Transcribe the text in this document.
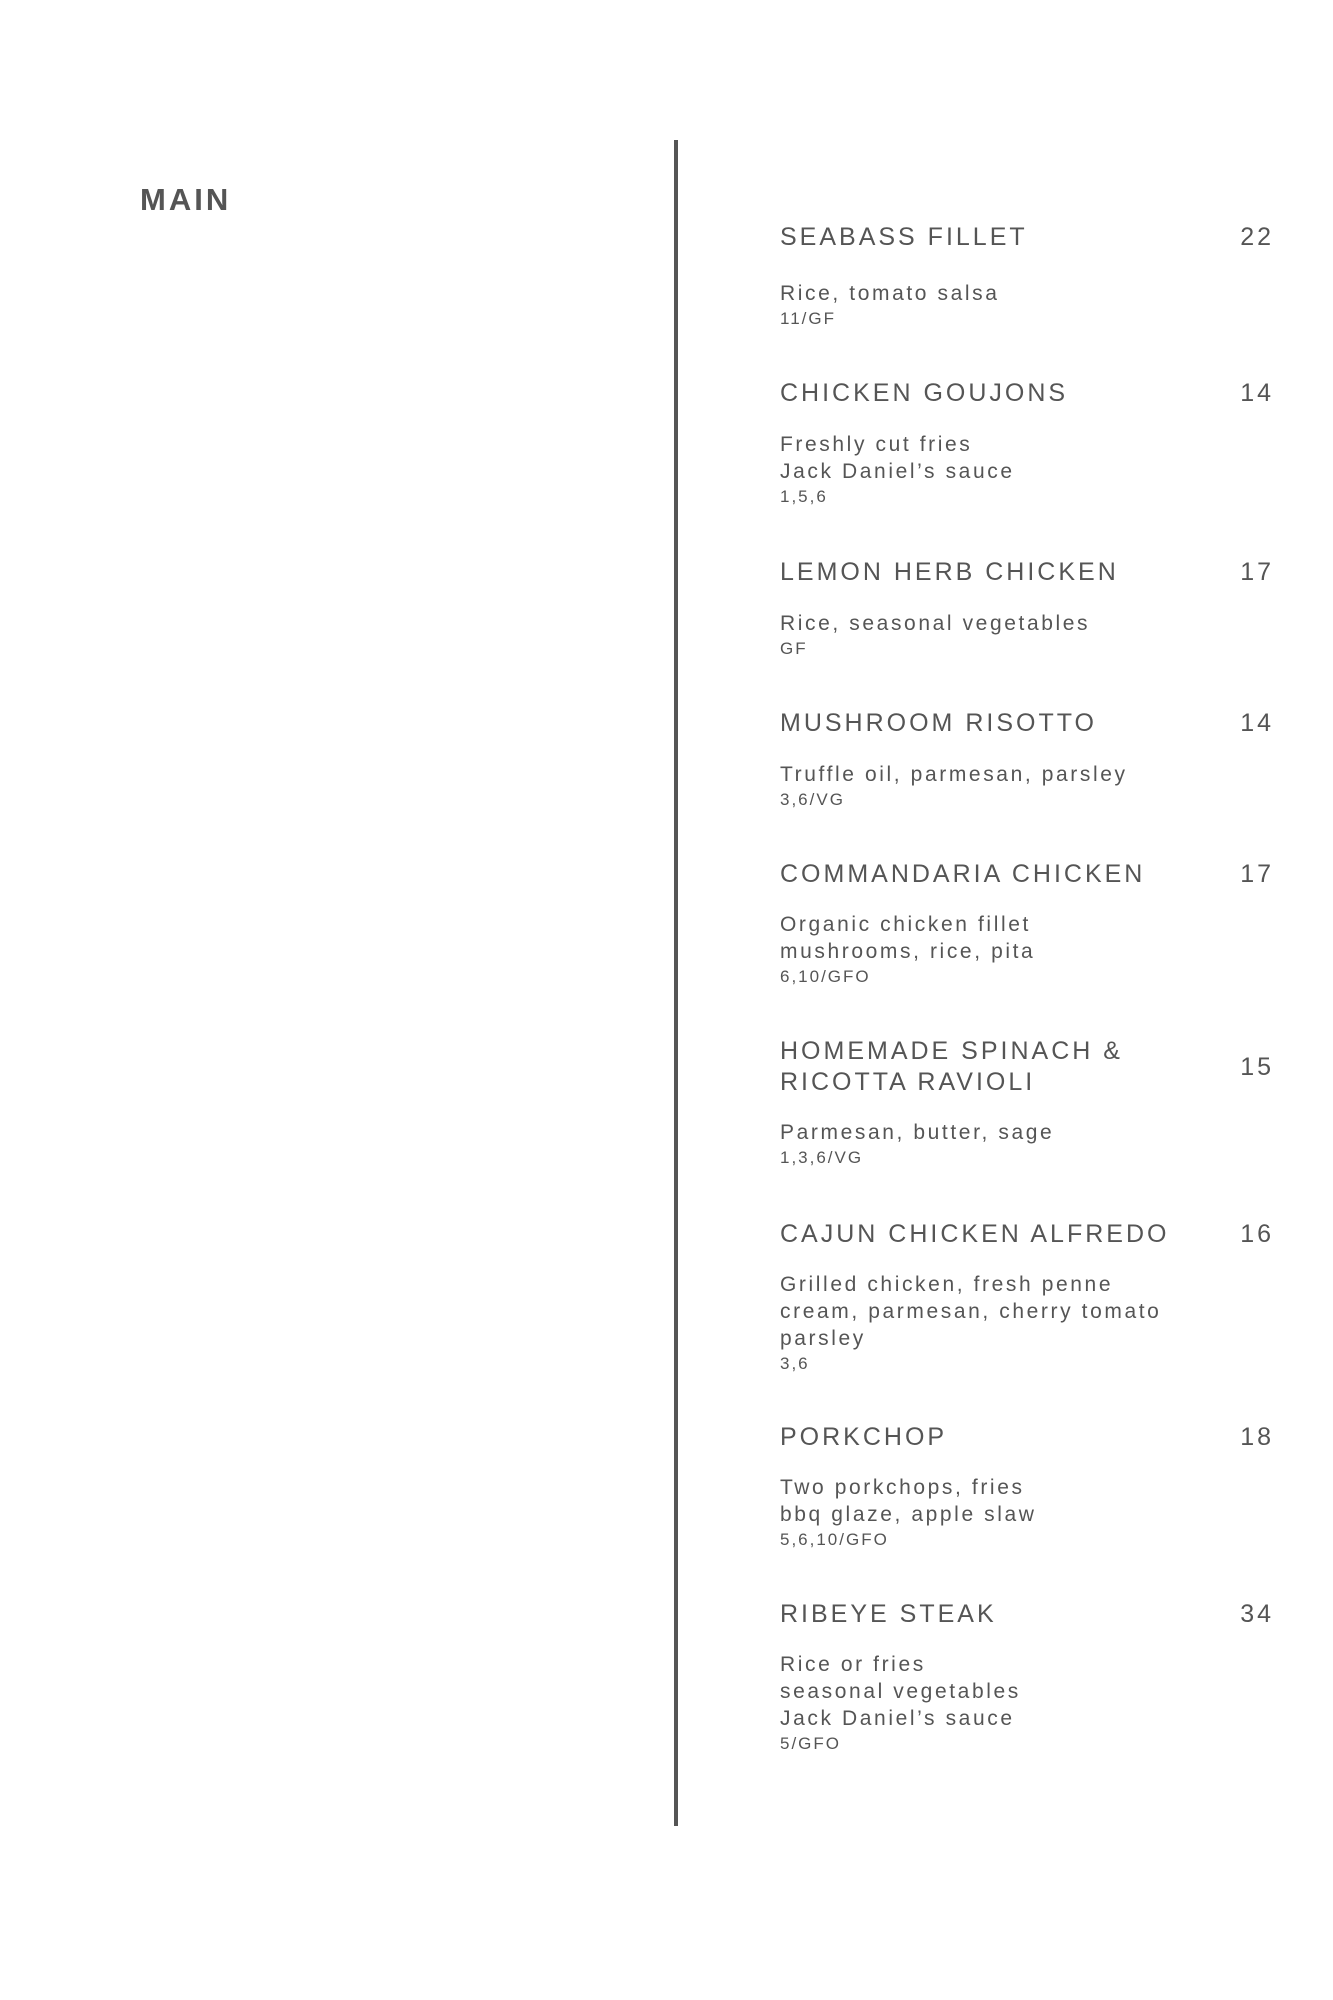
MAIN
SEABASS FILLET	22
Rice, tomato salsa
11/GF
CHICKEN GOUJONS	14
Freshly cut fries
Jack Daniel’s sauce
1,5,6
LEMON HERB CHICKEN	17
Rice, seasonal vegetables
GF
MUSHROOM RISOTTO	14
Truffle oil, parmesan, parsley
3,6/VG
COMMANDARIA CHICKEN	17
Organic chicken fillet
mushrooms, rice, pita
6,10/GFO
HOMEMADE SPINACH &
RICOTTA RAVIOLI
15
Parmesan, butter, sage
1,3,6/VG
CAJUN CHICKEN ALFREDO	16
Grilled chicken, fresh penne
cream, parmesan, cherry tomato
parsley
3,6
PORKCHOP	18
Two porkchops, fries
bbq glaze, apple slaw
5,6,10/GFO
RIBEYE STEAK	34
Rice or fries
seasonal vegetables
Jack Daniel’s sauce
5/GFO
